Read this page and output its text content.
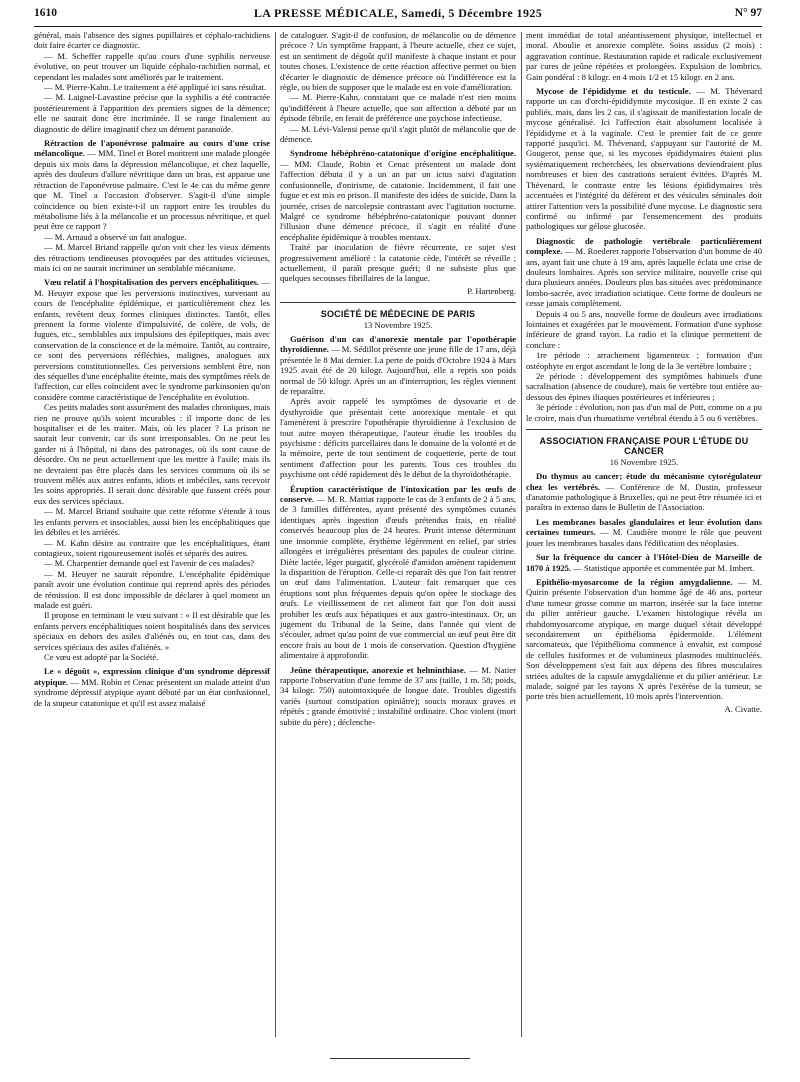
1610	LA PRESSE MÉDICALE, Samedi, 5 Décembre 1925	N° 97

général, mais l'absence des signes pupillaires et céphalo-rachidiens doit faire écarter ce diagnostic.

— M. Scheffer rappelle qu'au cours d'une syphilis nerveuse évolutive, on peut trouver un liquide céphalo-rachidien normal, et cependant les malades sont améliorés par le traitement.

— M. Pierre-Kahn. Le traitement a été appliqué ici sans résultat.

— M. Laignel-Lavastine précise que la syphilis a été contractée postérieurement à l'apparition des premiers signes de la démence; elle ne saurait donc être incriminée. Il se range finalement au diagnostic de délire imaginatif chez un dément paranoïde.

Rétraction de l'aponévrose palmaire au cours d'une crise mélancolique. — MM. Tinel et Borel montrent une malade plongée depuis six mois dans la dépression mélancolique, et chez laquelle, après des douleurs d'allure névritique dans un bras, est apparue une rétraction de l'aponévrose palmaire. C'est le 4e cas du même genre que M. Tinel a l'occasion d'observer. S'agit-il d'une simple coïncidence ou bien existe-t-il un rapport entre les troubles du métabolisme liés à la mélancolie et un processus névritique, et quel peut être ce rapport ?

— M. Arnaud a observé un fait analogue.

— M. Marcel Briand rappelle qu'on voit chez les vieux déments des rétractions tendineuses provoquées par des attitudes vicieuses, mais ici on ne saurait incriminer un semblable mécanisme.

Vœu relatif à l'hospitalisation des pervers encéphalitiques. — M. Heuyer expose que les perversions instinctives, survenant au cours de l'encéphalite épidémique, et particulièrement chez les enfants, revêtent deux formes cliniques distinctes. Tantôt, elles prennent la forme violente d'impulsivité, de colère, de vols, de fugues, etc., semblables aux impulsions des épileptiques, mais avec conservation de la conscience et de la mémoire. Tantôt, au contraire, ce sont des perversions réfléchies, malignes, analogues aux perversions constitutionnelles. Ces perversions semblent être, non des séquelles d'une encéphalite éteinte, mais des symptômes réels de l'affection, car elles coïncident avec le syndrome parkinsonien qu'on considère comme caractéristique de l'encéphalite en évolution.

Ces petits malades sont assurément des malades chroniques, mais rien ne prouve qu'ils soient incurables : il importe donc de les hospitaliser et de les traiter. Mais, où les placer ? La prison ne saurait leur convenir, car ils sont irresponsables. On ne peut les garder ni à l'hôpital, ni dans des patronages, où ils sont cause de désordre. On ne peut actuellement que les mettre à l'asile; mais ils ne devraient pas être placés dans les services communs où ils se trouvent mêlés aux autres enfants, idiots et imbéciles, sans recevoir les soins appropriés. Il serait donc désirable que fussent créés pour eux des services spéciaux.

— M. Marcel Briand souhaite que cette réforme s'étende à tous les enfants pervers et insociables, aussi bien les encéphalitiques que les débiles et les arriérés.

— M. Kahn désire au contraire que les encéphalitiques, étant contagieux, soient rigoureusement isolés et séparés des autres.

— M. Charpentier demande quel est l'avenir de ces malades?

— M. Heuyer ne saurait répondre. L'encéphalite épidémique paraît avoir une évolution continue qui reprend après des périodes de rémission. Il est donc impossible de déclarer à quel moment un malade est guéri.

Il propose en terminant le vœu suivant : « Il est désirable que les enfants pervers encéphalitiques soient hospitalisés dans des services spéciaux en dehors des asiles d'aliénés ou, en tout cas, dans des services spéciaux des asiles d'aliénés. »

Ce vœu est adopté par la Société.

Le « dégoût », expression clinique d'un syndrome dépressif atypique. — MM. Robin et Cenac présentent un malade atteint d'un syndrome dépressif atypique ayant débuté par un état confusionnel, de la stupeur catatonique et qu'il est assez malaisé

de cataloguer. S'agit-il de confusion, de mélancolie ou de démence précoce ? Un symptôme frappant, à l'heure actuelle, chez ce sujet, est un sentiment de dégoût qu'il manifeste à chaque instant et pour toutes choses. L'existence de cette réaction affective permet ou bien d'écarter le diagnostic de démence précoce où l'indifférence est la règle, ou bien de supposer que le malade est en voie d'amélioration.

— M. Pierre-Kahn, constatant que ce malade n'est rien moins qu'indifférent à l'heure actuelle, que son affection a débuté par un épisode fébrile, en ferait de préférence une psychose infectieuse.

— M. Lévi-Valensi pense qu'il s'agit plutôt de mélancolie que de démence.

Syndrome hébéphréno-catatonique d'origine encéphalitique. — MM. Claude, Robin et Cenac présentent un malade dont l'affection débuta il y a un an par un ictus suivi d'agitation confusionnelle, d'onirisme, de catatonie. Incidemment, il fait une fugue et est mis en prison. Il manifeste des idées de suicide. Dans la journée, crises de narcolepsie contrastant avec l'agitation nocturne. Malgré ce syndrome hébéphréno-catatonique pouvant donner l'illusion d'une démence précoce, il s'agit en réalité d'une encéphalite épidémique à troubles mentaux.

Traité par inoculation de fièvre récurrente, ce sujet s'est progressivement amélioré : la catatonie cède, l'intérêt se réveille ; actuellement, il paraît presque guéri; il ne subsiste plus que quelques secousses fibrillaires de la langue.

P. Hartenberg.

SOCIÉTÉ DE MÉDECINE DE PARIS

13 Novembre 1925.

Guérison d'un cas d'anorexie mentale par l'opothérapie thyroïdienne. — M. Sédillot présente une jeune fille de 17 ans, déjà présentée le 8 Mai dernier. La perte de poids d'Octobre 1924 à Mars 1925 avait été de 20 kilogr. Aujourd'hui, elle a repris son poids normal de 50 kilogr. Après un an d'interruption, les règles viennent de reparaître.

Après avoir rappelé les symptômes de dysovarie et de dysthyroïdie que présentait cette anorexique mentale et qui l'amenèrent à prescrire l'opothérapie thyroïdienne à l'exclusion de tout autre moyen thérapeutique, l'auteur étudie les troubles du psychisme : déficits parcellaires dans le domaine de la volonté et de la mémoire, perte de tout sentiment de coquetterie, perte de tout sentiment d'affection pour les parents. Tous ces troubles du psychisme ont cédé rapidement dès le début de la thyroïdothérapie.

Éruption caractéristique de l'intoxication par les œufs de conserve. — M. R. Mattiat rapporte le cas de 3 enfants de 2 à 5 ans, de 3 familles différentes, ayant présenté des symptômes cutanés identiques après ingestion d'œufs prétendus frais, en réalité conservés beaucoup plus de 24 heures. Prurit intense déterminant une insomnie complète, érythème légèrement en relief, par stries allongées et irrégulières présentant des papules de couleur citrine. Diète lactée, léger purgatif, glycérolé d'amidon amènent rapidement la disparition de l'éruption. Celle-ci reparaît dès que l'on fait rentrer un œuf dans l'alimentation. L'auteur fait remarquer que ces éruptions sont plus fréquentes depuis qu'on opère le stockage des œufs. Le vieillissement de cet aliment fait que l'on doit aussi prohiber les œufs aux hépatiques et aux gastro-intestinaux. Or, un jugement du Tribunal de la Seine, dans l'année qui vient de s'écouler, admet qu'au point de vue commercial un œuf peut être dit encore frais au bout de 1 mois de conservation. Question d'hygiène alimentaire à approfondir.

Jeûne thérapeutique, anorexie et helminthiase. — M. Natier rapporte l'observation d'une femme de 37 ans (taille, 1 m. 58; poids, 34 kilogr. 750) autointoxiquée de longue date. Troubles digestifs variés (surtout constipation opiniâtre); soucis moraux graves et répétés ; grande émotivité ; instabilité ordinaire. Choc violent (mort subite du père) ; déclenche-

ment immédiat de total anéantissement physique, intellectuel et moral. Aboulie et anorexie complète. Soins assidus (2 mois) : aggravation continue. Restauration rapide et radicale exclusivement par cures de jeûne répétées et prolongées. Expulsion de lombrics. Gain pondéral : 8 kilogr. en 4 mois 1/2 et 15 kilogr. en 2 ans.

Mycose de l'épididyme et du testicule. — M. Thévenard rapporte un cas d'orchi-épididymite mycosique. Il en existe 2 cas publiés, mais, dans les 2 cas, il s'agissait de manifestation locale de mycose généralisé. Ici l'affection était absolument localisée à l'épididyme et à la vaginale. C'est le premier fait de ce genre rapporté jusqu'ici. M. Thévenard, s'appuyant sur l'autorité de M. Gougerot, pense que, si les mycoses épididymaires étaient plus systématiquement recherchées, les observations deviendraient plus nombreuses et bien des castrations seraient évitées. D'après M. Thévenard, le contraste entre les lésions épididymaires très accentuées et l'intégrité du déférent et des vésicules séminales doit attirer l'attention vers la possibilité d'une mycose. Le diagnostic sera confirmé ou infirmé par l'ensemencement des produits pathologiques sur gélose glucosée.

Diagnostic de pathologie vertébrale particulièrement complexe. — M. Roederer rapporte l'observation d'un homme de 40 ans, ayant fait une chute à 19 ans, après laquelle éclata une crise de douleurs lombaires. Après son service militaire, nouvelle crise qui dura plusieurs années. Douleurs plus bas situées avec prédominance lombo-sacrée, avec irradiation sciatique. Cette forme de douleurs ne cesse jamais complètement.

Depuis 4 ou 5 ans, nouvelle forme de douleurs avec irradiations lointaines et exagérées par le mouvement. Formation d'une syphose inférieure de grand rayon. La radio et la clinique permettent de conclure :

1re période : arrachement ligamenteux ; formation d'un ostéophyte en ergot ascendant le long de la 3e vertèbre lombaire ;

2e période : développement des symptômes habituels d'une sacralisation (absence de coudure), mais 6e vertèbre tout entière au-dessous des épines iliaques postérieures et inférieures ;

3e période : évolution, non pas d'un mal de Pott, comme on a pu le croire, mais d'un rhumatisme vertébral étendu à 5 ou 6 vertèbres.

ASSOCIATION FRANÇAISE POUR L'ÉTUDE DU CANCER

16 Novembre 1925.

Du thymus au cancer; étude du mécanisme cytorégulateur chez les vertébrés. — Conférence de M. Dustin, professeur d'anatomie pathologique à Bruxelles, qui ne peut être résumée ici et paraîtra in extenso dans le Bulletin de l'Association.

Les membranes basales glandulaires et leur évolution dans certaines tumeurs. — M. Caudière montre le rôle que peuvent jouer les membranes basales dans l'édification des néoplasies.

Sur la fréquence du cancer à l'Hôtel-Dieu de Marseille de 1870 à 1925. — Statistique apportée et commentée par M. Imbert.

Epithélio-myosarcome de la région amygdalienne. — M. Quirin présente l'observation d'un homme âgé de 46 ans, porteur d'une tumeur grosse comme un marron, insérée sur la face interne du pilier antérieur gauche. L'examen histologique révéla un rhabdomyosarcome atypique, en marge duquel s'était développé secondairement un épithélioma épidermoïde. L'élément sarcomateux, que l'épithélioma commence à envahir, est composé de cellules fusiformes et de volumineux plasmodes multinucléés. Son développement s'est fait aux dépens des fibres musculaires striées adultes de la capsule amygdalienne et du pilier antérieur. Le malade, soigné par les rayons X après l'exérèse de la tumeur, se porte très bien actuellement, 10 mois après l'intervention.

A. Civatte.
